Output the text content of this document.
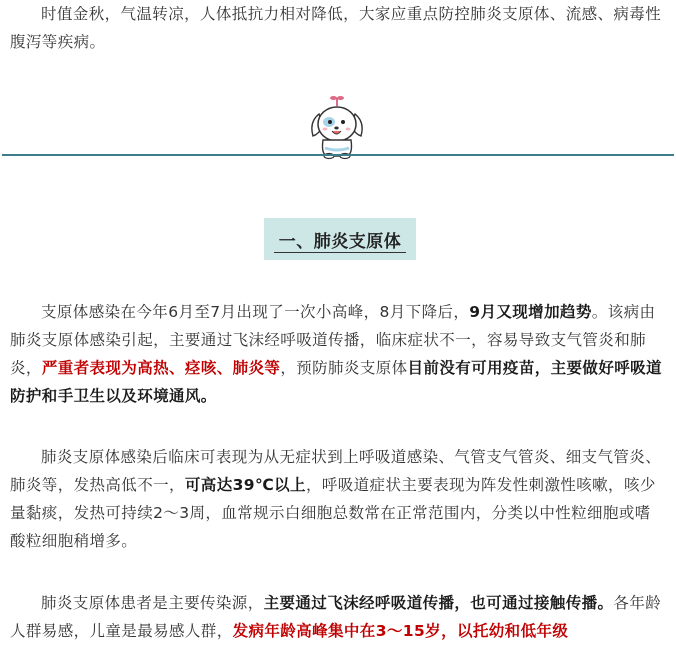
时值金秋，气温转凉，人体抵抗力相对降低，大家应重点防控肺炎支原体、流感、病毒性腹泻等疾病。

一、肺炎支原体

支原体感染在今年6月至7月出现了一次小高峰，8月下降后，9月又现增加趋势。该病由肺炎支原体感染引起，主要通过飞沫经呼吸道传播，临床症状不一，容易导致支气管炎和肺炎，严重者表现为高热、痉咳、肺炎等，预防肺炎支原体目前没有可用疫苗，主要做好呼吸道防护和手卫生以及环境通风。

肺炎支原体感染后临床可表现为从无症状到上呼吸道感染、气管支气管炎、细支气管炎、肺炎等，发热高低不一，可高达39℃以上，呼吸道症状主要表现为阵发性刺激性咳嗽，咳少量黏痰，发热可持续2～3周，血常规示白细胞总数常在正常范围内，分类以中性粒细胞或嗜酸粒细胞稍增多。

肺炎支原体患者是主要传染源，主要通过飞沫经呼吸道传播，也可通过接触传播。各年龄人群易感，儿童是最易感人群，发病年龄高峰集中在3～15岁，以托幼和低年级
